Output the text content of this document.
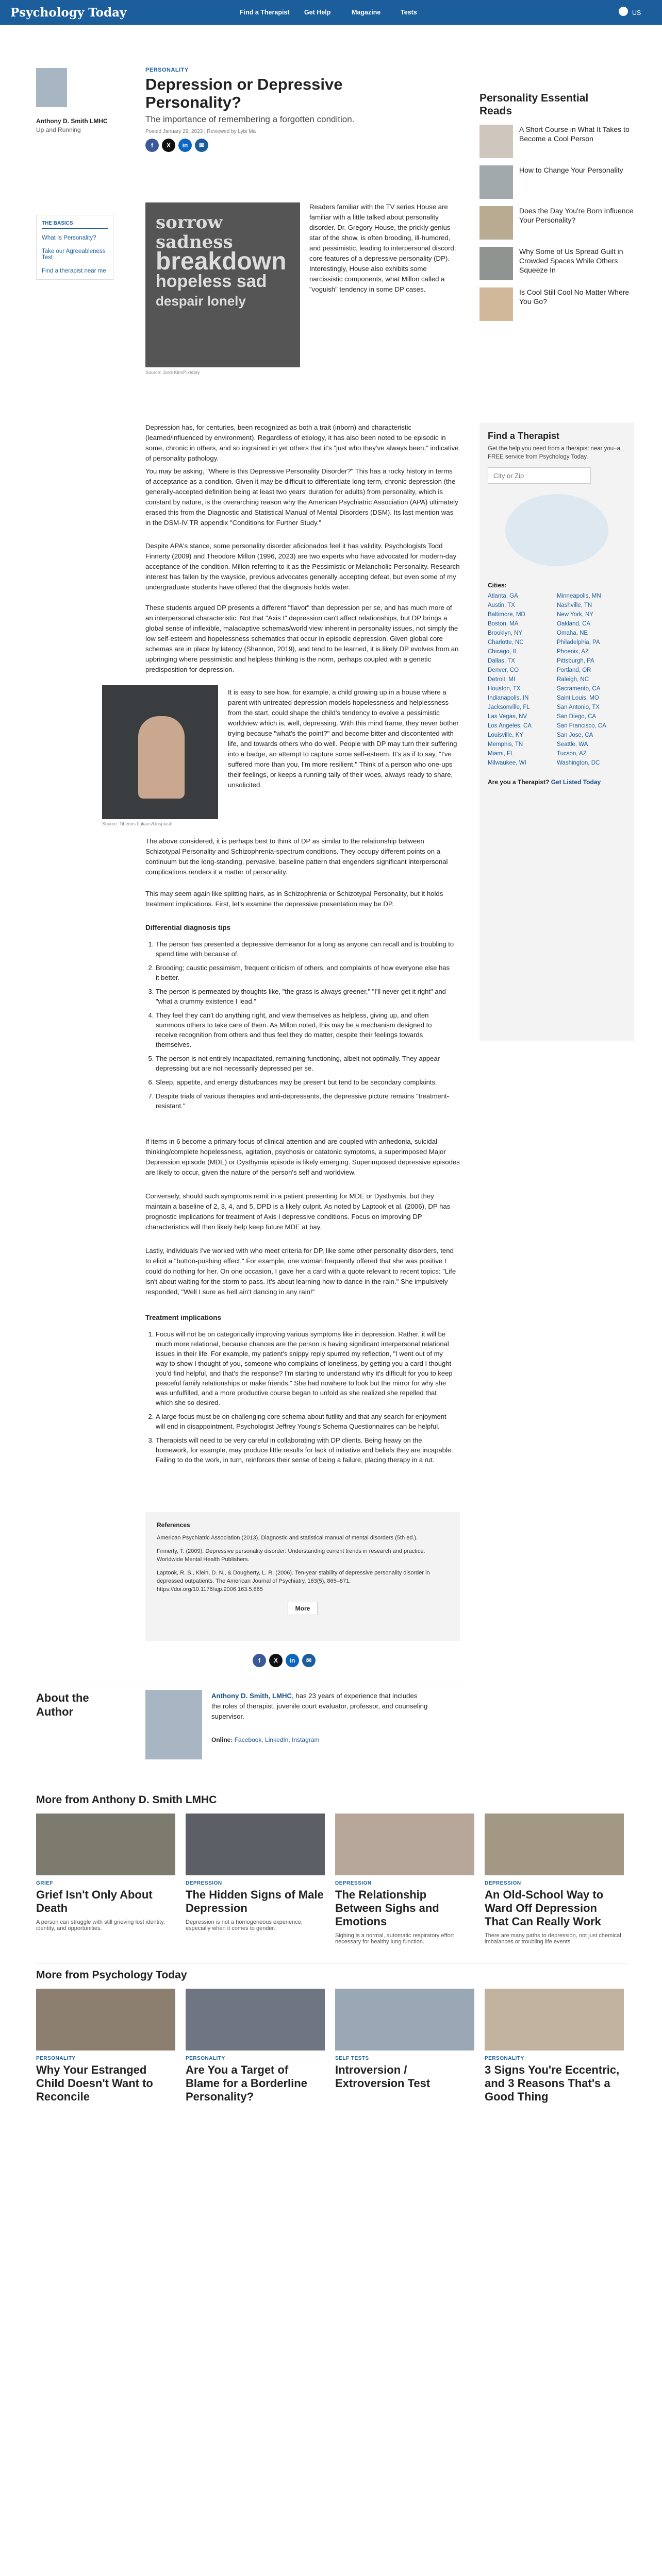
Psychology Today	Find a Therapist Get Help	Magazine	Tests	US
Anthony D. Smith LMHC
Up and Running
THE BASICS
What Is Personality?
Take our Agreeableness Test
Find a therapist near me
PERSONALITY
Depression or Depressive Personality?
The importance of remembering a forgotten condition.
Posted January 29, 2023 | Reviewed by Lybi Ma
f	X	in	✉
sorrow sadness
breakdown
hopeless sad
despair lonely
Source: Jordi Kim/Pixabay
Readers familiar with the TV series House are familiar with a little talked about personality disorder. Dr. Gregory House, the prickly genius star of the show, is often brooding, ill-humored, and pessimistic, leading to interpersonal discord; core features of a depressive personality (DP). Interestingly, House also exhibits some narcissistic components, what Millon called a "voguish" tendency in some DP cases.
Depression has, for centuries, been recognized as both a trait (inborn) and characteristic (learned/influenced by environment). Regardless of etiology, it has also been noted to be episodic in some, chronic in others, and so ingrained in yet others that it's "just who they've always been," indicative of personality pathology.
You may be asking, "Where is this Depressive Personality Disorder?" This has a rocky history in terms of acceptance as a condition. Given it may be difficult to differentiate long-term, chronic depression (the generally-accepted definition being at least two years' duration for adults) from personality, which is constant by nature, is the overarching reason why the American Psychiatric Association (APA) ultimately erased this from the Diagnostic and Statistical Manual of Mental Disorders (DSM). Its last mention was in the DSM-IV TR appendix "Conditions for Further Study."
Despite APA's stance, some personality disorder aficionados feel it has validity. Psychologists Todd Finnerty (2009) and Theodore Millon (1996, 2023) are two experts who have advocated for modern-day acceptance of the condition. Millon referring to it as the Pessimistic or Melancholic Personality. Research interest has fallen by the wayside, previous advocates generally accepting defeat, but even some of my undergraduate students have offered that the diagnosis holds water.
These students argued DP presents a different "flavor" than depression per se, and has much more of an interpersonal characteristic. Not that "Axis I" depression can't affect relationships, but DP brings a global sense of inflexible, maladaptive schemas/world view inherent in personality issues, not simply the low self-esteem and hopelessness schematics that occur in episodic depression. Given global core schemas are in place by latency (Shannon, 2019), and tend to be learned, it is likely DP evolves from an upbringing where pessimistic and helpless thinking is the norm, perhaps coupled with a genetic predisposition for depression.
Source: Tiberius Lukacs/Unsplash
It is easy to see how, for example, a child growing up in a house where a parent with untreated depression models hopelessness and helplessness from the start, could shape the child's tendency to evolve a pessimistic worldview which is, well, depressing. With this mind frame, they never bother trying because "what's the point?" and become bitter and discontented with life, and towards others who do well. People with DP may turn their suffering into a badge, an attempt to capture some self-esteem. It's as if to say, "I've suffered more than you, I'm more resilient." Think of a person who one-ups their feelings, or keeps a running tally of their woes, always ready to share, unsolicited.
The above considered, it is perhaps best to think of DP as similar to the relationship between Schizotypal Personality and Schizophrenia-spectrum conditions. They occupy different points on a continuum but the long-standing, pervasive, baseline pattern that engenders significant interpersonal complications renders it a matter of personality.
This may seem again like splitting hairs, as in Schizophrenia or Schizotypal Personality, but it holds treatment implications. First, let's examine the depressive presentation may be DP.
Differential diagnosis tips
1. The person has presented a depressive demeanor for a long as anyone can recall and is troubling to spend time with because of.
2. Brooding; caustic pessimism, frequent criticism of others, and complaints of how everyone else has it better.
3. The person is permeated by thoughts like, "the grass is always greener," "I'll never get it right" and "what a crummy existence I lead."
4. They feel they can't do anything right, and view themselves as helpless, giving up, and often summons others to take care of them. As Millon noted, this may be a mechanism designed to receive recognition from others and thus feel they do matter, despite their feelings towards themselves.
5. The person is not entirely incapacitated, remaining functioning, albeit not optimally. They appear depressing but are not necessarily depressed per se.
6. Sleep, appetite, and energy disturbances may be present but tend to be secondary complaints.
7. Despite trials of various therapies and anti-depressants, the depressive picture remains "treatment-resistant."
If items in 6 become a primary focus of clinical attention and are coupled with anhedonia, suicidal thinking/complete hopelessness, agitation, psychosis or catatonic symptoms, a superimposed Major Depression episode (MDE) or Dysthymia episode is likely emerging. Superimposed depressive episodes are likely to occur, given the nature of the person's self and worldview.
Conversely, should such symptoms remit in a patient presenting for MDE or Dysthymia, but they maintain a baseline of 2, 3, 4, and 5, DPD is a likely culprit. As noted by Laptook et al. (2006), DP has prognostic implications for treatment of Axis I depressive conditions. Focus on improving DP characteristics will then likely help keep future MDE at bay.
Lastly, individuals I've worked with who meet criteria for DP, like some other personality disorders, tend to elicit a "button-pushing effect." For example, one woman frequently offered that she was positive I could do nothing for her. On one occasion, I gave her a card with a quote relevant to recent topics: "Life isn't about waiting for the storm to pass. It's about learning how to dance in the rain." She impulsively responded, "Well I sure as hell ain't dancing in any rain!"
Treatment implications
1. Focus will not be on categorically improving various symptoms like in depression. Rather, it will be much more relational, because chances are the person is having significant interpersonal relational issues in their life. For example, my patient's snippy reply spurred my reflection, "I went out of my way to show I thought of you, someone who complains of loneliness, by getting you a card I thought you'd find helpful, and that's the response? I'm starting to understand why it's difficult for you to keep peaceful family relationships or make friends." She had nowhere to look but the mirror for why she was unfulfilled, and a more productive course began to unfold as she realized she repelled that which she so desired.
2. A large focus must be on challenging core schema about futility and that any search for enjoyment will end in disappointment. Psychologist Jeffrey Young's Schema Questionnaires can be helpful.
3. Therapists will need to be very careful in collaborating with DP clients. Being heavy on the homework, for example, may produce little results for lack of initiative and beliefs they are incapable. Failing to do the work, in turn, reinforces their sense of being a failure, placing therapy in a rut.
References
American Psychiatric Association (2013). Diagnostic and statistical manual of mental disorders (5th ed.).
Finnerty, T. (2009). Depressive personality disorder: Understanding current trends in research and practice. Worldwide Mental Health Publishers.
Laptook, R. S., Klein, D. N., & Dougherty, L. R. (2006). Ten-year stability of depressive personality disorder in depressed outpatients. The American Journal of Psychiatry, 163(5), 865–871. https://doi.org/10.1176/ajp.2006.163.5.865
More
f	X	in	✉
About the Author
Anthony D. Smith, LMHC, has 23 years of experience that includes the roles of therapist, juvenile court evaluator, professor, and counseling supervisor.
Online: Facebook, LinkedIn, Instagram
More from Anthony D. Smith LMHC
GRIEF
Grief Isn't Only About Death
A person can struggle with still grieving lost identity, identity, and opportunities.
DEPRESSION
The Hidden Signs of Male Depression
Depression is not a homogeneous experience, especially when it comes to gender.
DEPRESSION
The Relationship Between Sighs and Emotions
Sighing is a normal, automatic respiratory effort necessary for healthy lung function.
DEPRESSION
An Old-School Way to Ward Off Depression That Can Really Work
There are many paths to depression, not just chemical imbalances or troubling life events.
More from Psychology Today
PERSONALITY
Why Your Estranged Child Doesn't Want to Reconcile
PERSONALITY
Are You a Target of Blame for a Borderline Personality?
SELF TESTS
Introversion / Extroversion Test
PERSONALITY
3 Signs You're Eccentric, and 3 Reasons That's a Good Thing
Personality Essential Reads
A Short Course in What It Takes to Become a Cool Person
How to Change Your Personality
Does the Day You're Born Influence Your Personality?
Why Some of Us Spread Guilt in Crowded Spaces While Others Squeeze In
Is Cool Still Cool No Matter Where You Go?
Find a Therapist
Get the help you need from a therapist near you–a FREE service from Psychology Today.
City or Zip
Cities:
Atlanta, GA	Minneapolis, MN
Austin, TX	Nashville, TN
Baltimore, MD	New York, NY
Boston, MA	Oakland, CA
Brooklyn, NY	Omaha, NE
Charlotte, NC	Philadelphia, PA
Chicago, IL	Phoenix, AZ
Dallas, TX	Pittsburgh, PA
Denver, CO	Portland, OR
Detroit, MI	Raleigh, NC
Houston, TX	Sacramento, CA
Indianapolis, IN	Saint Louis, MO
Jacksonville, FL	San Antonio, TX
Las Vegas, NV	San Diego, CA
Los Angeles, CA	San Francisco, CA
Louisville, KY	San Jose, CA
Memphis, TN	Seattle, WA
Miami, FL	Tucson, AZ
Milwaukee, WI	Washington, DC
Are you a Therapist? Get Listed Today
